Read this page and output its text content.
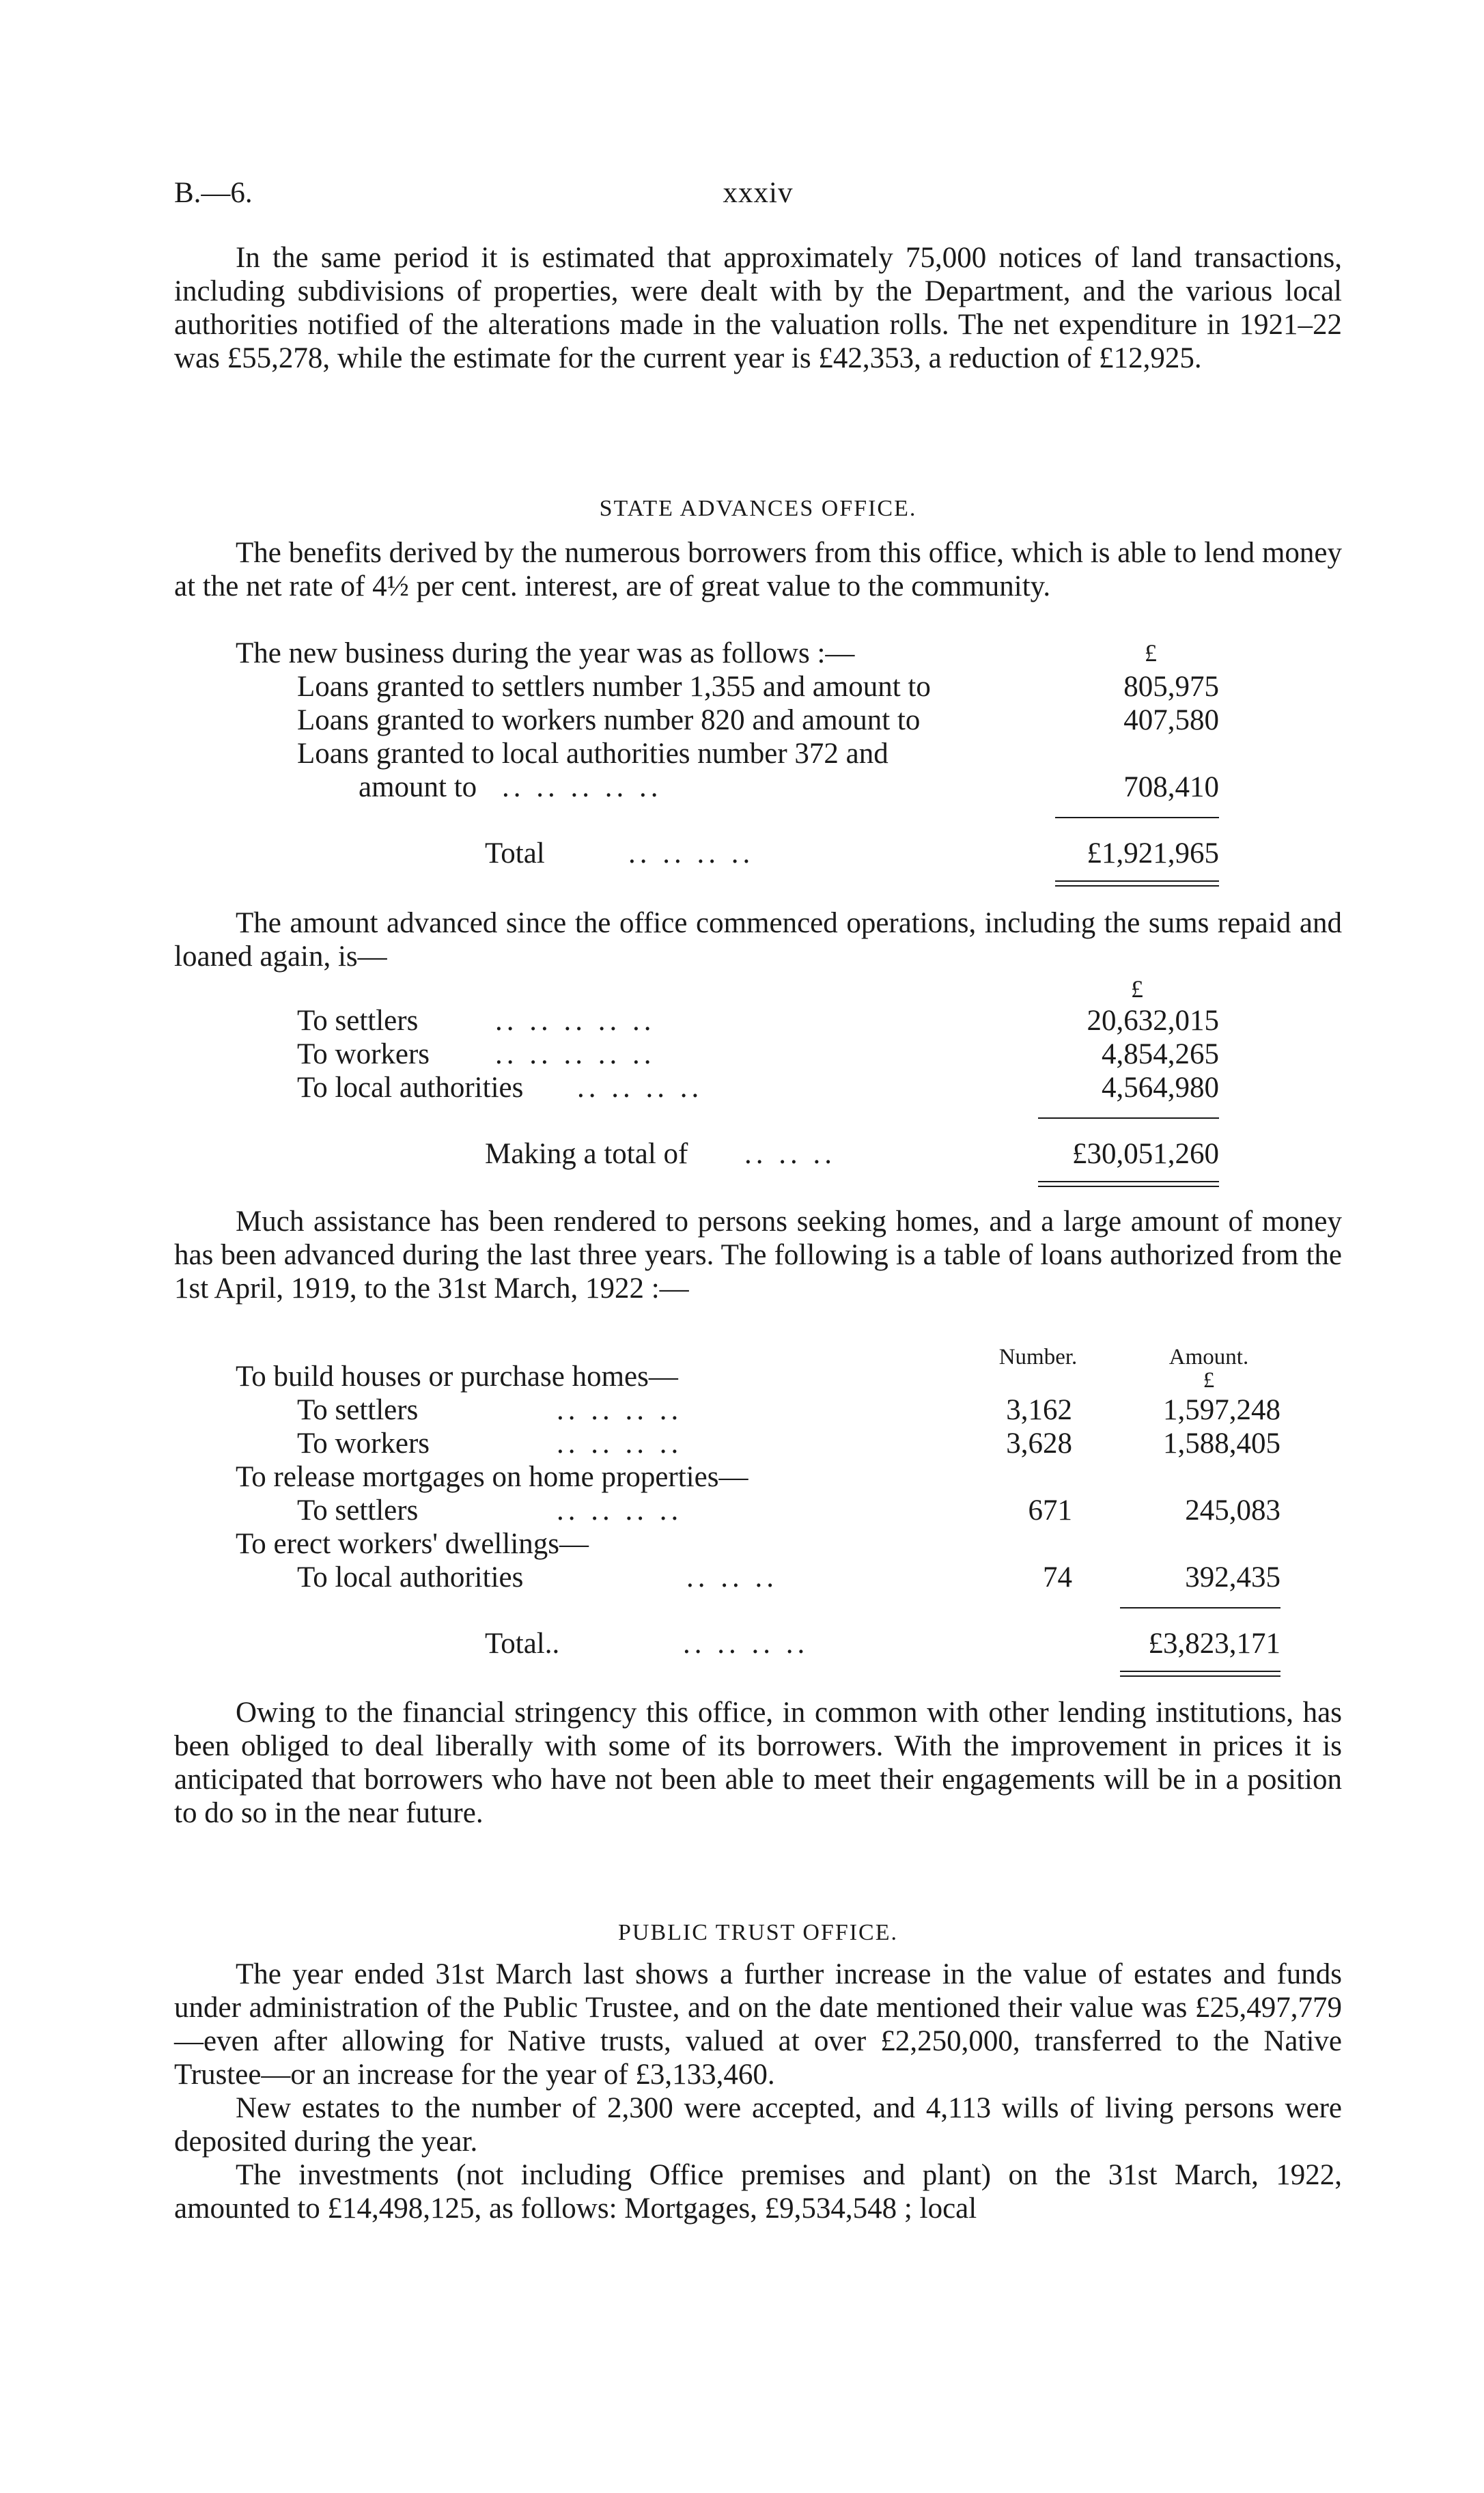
B.—6.	xxxiv

In the same period it is estimated that approximately 75,000 notices of land transactions, including subdivisions of properties, were dealt with by the Department, and the various local authorities notified of the alterations made in the valuation rolls. The net expenditure in 1921–22 was £55,278, while the estimate for the current year is £42,353, a reduction of £12,925.

STATE ADVANCES OFFICE.

The benefits derived by the numerous borrowers from this office, which is able to lend money at the net rate of 4½ per cent. interest, are of great value to the community.

The new business during the year was as follows :—	£
Loans granted to settlers number 1,355 and amount to	805,975
Loans granted to workers number 820 and amount to	407,580
Loans granted to local authorities number 372 and
amount to .. .. .. .. ..	708,410
Total	.. .. .. ..	£1,921,965

The amount advanced since the office commenced operations, including the sums repaid and loaned again, is—

£
To settlers	.. .. .. .. ..	20,632,015
To workers .. .. .. .. ..	4,854,265
To local authorities .. .. .. ..	4,564,980
Making a total of .. .. ..	£30,051,260

Much assistance has been rendered to persons seeking homes, and a large amount of money has been advanced during the last three years. The following is a table of loans authorized from the 1st April, 1919, to the 31st March, 1922 :—

Number.	Amount.
£
To build houses or purchase homes—
To settlers	.. .. .. ..	3,162	1,597,248
To workers	.. .. .. ..	3,628	1,588,405
To release mortgages on home properties—
To settlers	.. .. .. ..	671	245,083
To erect workers' dwellings—
To local authorities	.. .. ..	74	392,435
Total..	.. .. .. ..	£3,823,171

Owing to the financial stringency this office, in common with other lending institutions, has been obliged to deal liberally with some of its borrowers. With the improvement in prices it is anticipated that borrowers who have not been able to meet their engagements will be in a position to do so in the near future.

PUBLIC TRUST OFFICE.

The year ended 31st March last shows a further increase in the value of estates and funds under administration of the Public Trustee, and on the date mentioned their value was £25,497,779—even after allowing for Native trusts, valued at over £2,250,000, transferred to the Native Trustee—or an increase for the year of £3,133,460.

New estates to the number of 2,300 were accepted, and 4,113 wills of living persons were deposited during the year.

The investments (not including Office premises and plant) on the 31st March, 1922, amounted to £14,498,125, as follows: Mortgages, £9,534,548 ; local
